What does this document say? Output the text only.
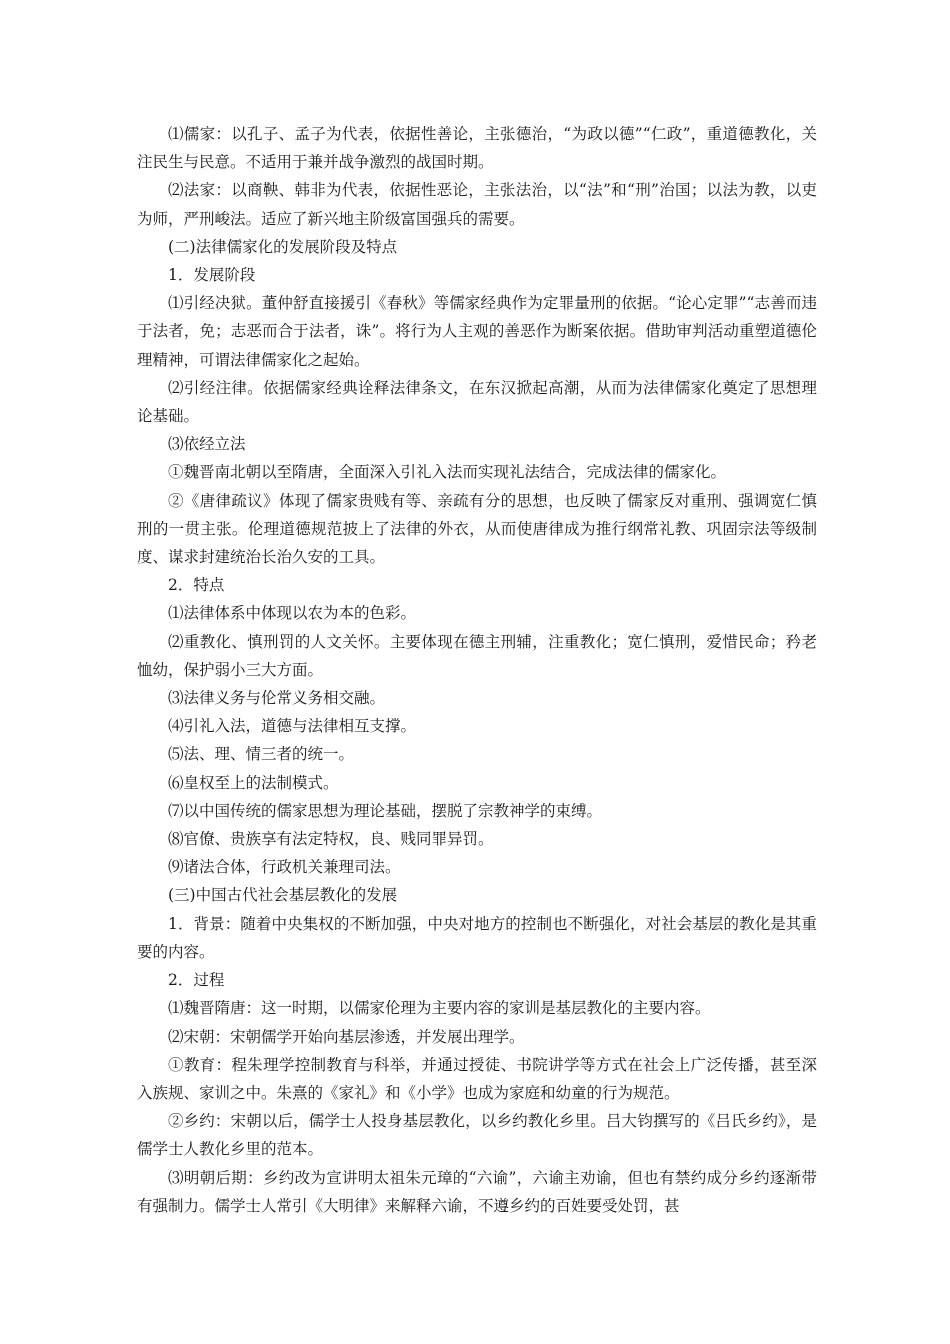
⑴儒家：以孔子、孟子为代表，依据性善论，主张德治，“为政以德”“仁政”，重道德教化，关注民生与民意。不适用于兼并战争激烈的战国时期。

⑵法家：以商鞅、韩非为代表，依据性恶论，主张法治，以“法”和“刑”治国；以法为教，以吏为师，严刑峻法。适应了新兴地主阶级富国强兵的需要。

(二)法律儒家化的发展阶段及特点

1．发展阶段

⑴引经决狱。董仲舒直接援引《春秋》等儒家经典作为定罪量刑的依据。“论心定罪”“志善而违于法者，免；志恶而合于法者，诛”。将行为人主观的善恶作为断案依据。借助审判活动重塑道德伦理精神，可谓法律儒家化之起始。

⑵引经注律。依据儒家经典诠释法律条文，在东汉掀起高潮，从而为法律儒家化奠定了思想理论基础。

⑶依经立法

①魏晋南北朝以至隋唐，全面深入引礼入法而实现礼法结合，完成法律的儒家化。

②《唐律疏议》体现了儒家贵贱有等、亲疏有分的思想，也反映了儒家反对重刑、强调宽仁慎刑的一贯主张。伦理道德规范披上了法律的外衣，从而使唐律成为推行纲常礼教、巩固宗法等级制度、谋求封建统治长治久安的工具。

2．特点

⑴法律体系中体现以农为本的色彩。

⑵重教化、慎刑罚的人文关怀。主要体现在德主刑辅，注重教化；宽仁慎刑，爱惜民命；矜老恤幼，保护弱小三大方面。

⑶法律义务与伦常义务相交融。

⑷引礼入法，道德与法律相互支撑。

⑸法、理、情三者的统一。

⑹皇权至上的法制模式。

⑺以中国传统的儒家思想为理论基础，摆脱了宗教神学的束缚。

⑻官僚、贵族享有法定特权，良、贱同罪异罚。

⑼诸法合体，行政机关兼理司法。

(三)中国古代社会基层教化的发展

1．背景：随着中央集权的不断加强，中央对地方的控制也不断强化，对社会基层的教化是其重要的内容。

2．过程

⑴魏晋隋唐：这一时期，以儒家伦理为主要内容的家训是基层教化的主要内容。

⑵宋朝：宋朝儒学开始向基层渗透，并发展出理学。

①教育：程朱理学控制教育与科举，并通过授徒、书院讲学等方式在社会上广泛传播，甚至深入族规、家训之中。朱熹的《家礼》和《小学》也成为家庭和幼童的行为规范。

②乡约：宋朝以后，儒学士人投身基层教化，以乡约教化乡里。吕大钧撰写的《吕氏乡约》，是儒学士人教化乡里的范本。

⑶明朝后期：乡约改为宣讲明太祖朱元璋的“六谕”，六谕主劝谕，但也有禁约成分乡约逐渐带有强制力。儒学士人常引《大明律》来解释六谕，不遵乡约的百姓要受处罚，甚
